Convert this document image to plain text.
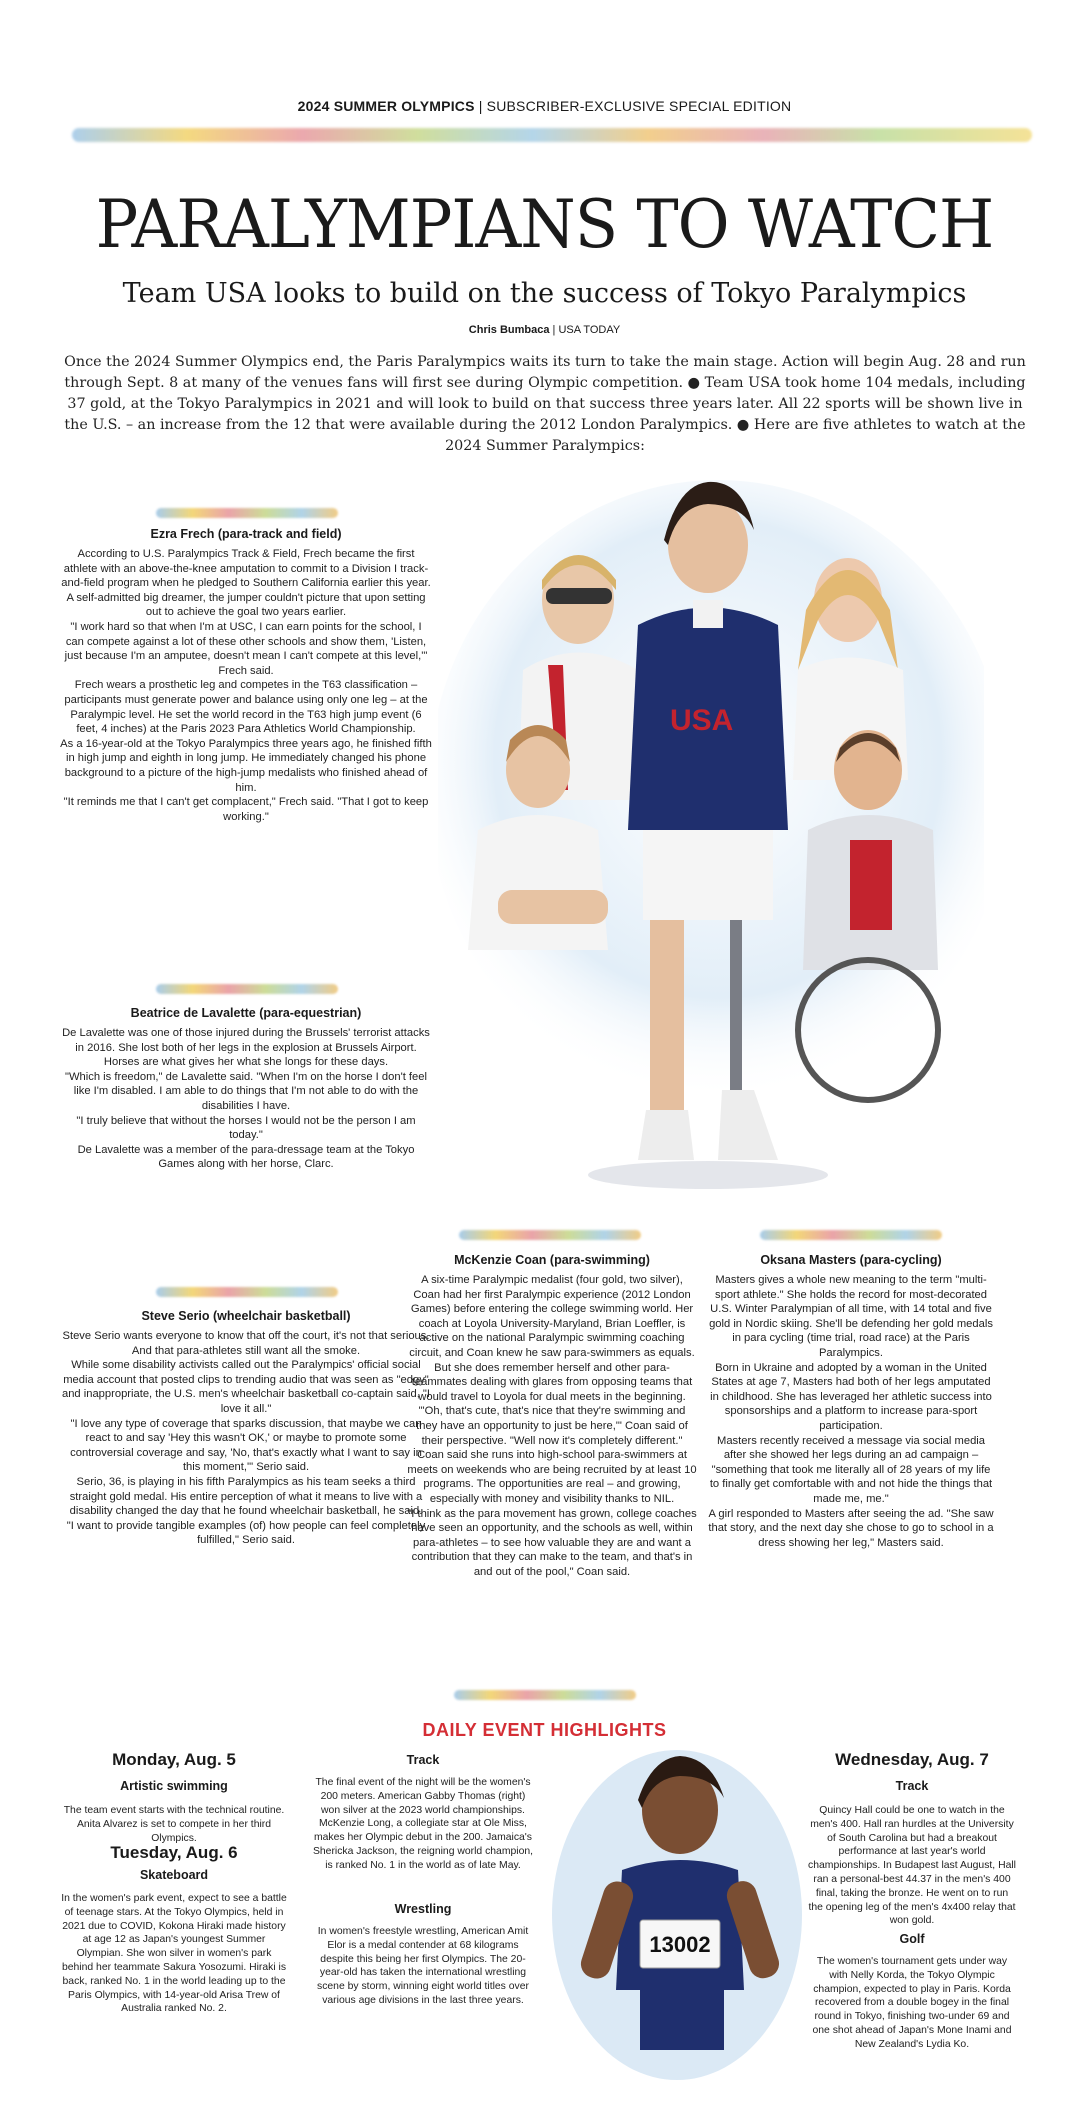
2024 SUMMER OLYMPICS | SUBSCRIBER-EXCLUSIVE SPECIAL EDITION
PARALYMPIANS TO WATCH
Team USA looks to build on the success of Tokyo Paralympics
Chris Bumbaca | USA TODAY
Once the 2024 Summer Olympics end, the Paris Paralympics waits its turn to take the main stage. Action will begin Aug. 28 and run through Sept. 8 at many of the venues fans will first see during Olympic competition. ● Team USA took home 104 medals, including 37 gold, at the Tokyo Paralympics in 2021 and will look to build on that success three years later. All 22 sports will be shown live in the U.S. – an increase from the 12 that were available during the 2012 London Paralympics. ● Here are five athletes to watch at the 2024 Summer Paralympics:
Ezra Frech (para-track and field)

According to U.S. Paralympics Track & Field, Frech became the first athlete with an above-the-knee amputation to commit to a Division I track-and-field program when he pledged to Southern California earlier this year. A self-admitted big dreamer, the jumper couldn't picture that upon setting out to achieve the goal two years earlier.

"I work hard so that when I'm at USC, I can earn points for the school, I can compete against a lot of these other schools and show them, 'Listen, just because I'm an amputee, doesn't mean I can't compete at this level,'" Frech said.

Frech wears a prosthetic leg and competes in the T63 classification – participants must generate power and balance using only one leg – at the Paralympic level. He set the world record in the T63 high jump event (6 feet, 4 inches) at the Paris 2023 Para Athletics World Championship.

As a 16-year-old at the Tokyo Paralympics three years ago, he finished fifth in high jump and eighth in long jump. He immediately changed his phone background to a picture of the high-jump medalists who finished ahead of him.

"It reminds me that I can't get complacent," Frech said. "That I got to keep working."

Beatrice de Lavalette (para-equestrian)

De Lavalette was one of those injured during the Brussels' terrorist attacks in 2016. She lost both of her legs in the explosion at Brussels Airport. Horses are what gives her what she longs for these days.

"Which is freedom," de Lavalette said. "When I'm on the horse I don't feel like I'm disabled. I am able to do things that I'm not able to do with the disabilities I have.

"I truly believe that without the horses I would not be the person I am today."

De Lavalette was a member of the para-dressage team at the Tokyo Games along with her horse, Clarc.

Steve Serio (wheelchair basketball)

Steve Serio wants everyone to know that off the court, it's not that serious. And that para-athletes still want all the smoke.

While some disability activists called out the Paralympics' official social media account that posted clips to trending audio that was seen as "edgy" and inappropriate, the U.S. men's wheelchair basketball co-captain said, "I love it all."

"I love any type of coverage that sparks discussion, that maybe we can react to and say 'Hey this wasn't OK,' or maybe to promote some controversial coverage and say, 'No, that's exactly what I want to say in this moment,'" Serio said.

Serio, 36, is playing in his fifth Paralympics as his team seeks a third straight gold medal. His entire perception of what it means to live with a disability changed the day that he found wheelchair basketball, he said.

"I want to provide tangible examples (of) how people can feel completely fulfilled," Serio said.

USA
McKenzie Coan (para-swimming)

A six-time Paralympic medalist (four gold, two silver), Coan had her first Paralympic experience (2012 London Games) before entering the college swimming world. Her coach at Loyola University-Maryland, Brian Loeffler, is active on the national Paralympic swimming coaching circuit, and Coan knew he saw para-swimmers as equals.

But she does remember herself and other para-teammates dealing with glares from opposing teams that would travel to Loyola for dual meets in the beginning. "'Oh, that's cute, that's nice that they're swimming and they have an opportunity to just be here,'" Coan said of their perspective. "Well now it's completely different."

Coan said she runs into high-school para-swimmers at meets on weekends who are being recruited by at least 10 programs. The opportunities are real – and growing, especially with money and visibility thanks to NIL.

"I think as the para movement has grown, college coaches have seen an opportunity, and the schools as well, within para-athletes – to see how valuable they are and want a contribution that they can make to the team, and that's in and out of the pool," Coan said.

Oksana Masters (para-cycling)

Masters gives a whole new meaning to the term "multi-sport athlete." She holds the record for most-decorated U.S. Winter Paralympian of all time, with 14 total and five gold in Nordic skiing. She'll be defending her gold medals in para cycling (time trial, road race) at the Paris Paralympics.

Born in Ukraine and adopted by a woman in the United States at age 7, Masters had both of her legs amputated in childhood. She has leveraged her athletic success into sponsorships and a platform to increase para-sport participation.

Masters recently received a message via social media after she showed her legs during an ad campaign – "something that took me literally all of 28 years of my life to finally get comfortable with and not hide the things that made me, me."

A girl responded to Masters after seeing the ad. "She saw that story, and the next day she chose to go to school in a dress showing her leg," Masters said.

DAILY EVENT HIGHLIGHTS
Monday, Aug. 5
Artistic swimming
The team event starts with the technical routine. Anita Alvarez is set to compete in her third Olympics.
Tuesday, Aug. 6
Skateboard
In the women's park event, expect to see a battle of teenage stars. At the Tokyo Olympics, held in 2021 due to COVID, Kokona Hiraki made history at age 12 as Japan's youngest Summer Olympian. She won silver in women's park behind her teammate Sakura Yosozumi. Hiraki is back, ranked No. 1 in the world leading up to the Paris Olympics, with 14-year-old Arisa Trew of Australia ranked No. 2.
Track
The final event of the night will be the women's 200 meters. American Gabby Thomas (right) won silver at the 2023 world championships. McKenzie Long, a collegiate star at Ole Miss, makes her Olympic debut in the 200. Jamaica's Shericka Jackson, the reigning world champion, is ranked No. 1 in the world as of late May.
Wrestling
In women's freestyle wrestling, American Amit Elor is a medal contender at 68 kilograms despite this being her first Olympics. The 20-year-old has taken the international wrestling scene by storm, winning eight world titles over various age divisions in the last three years.
13002
Wednesday, Aug. 7
Track
Quincy Hall could be one to watch in the men's 400. Hall ran hurdles at the University of South Carolina but had a breakout performance at last year's world championships. In Budapest last August, Hall ran a personal-best 44.37 in the men's 400 final, taking the bronze. He went on to run the opening leg of the men's 4x400 relay that won gold.
Golf
The women's tournament gets under way with Nelly Korda, the Tokyo Olympic champion, expected to play in Paris. Korda recovered from a double bogey in the final round in Tokyo, finishing two-under 69 and one shot ahead of Japan's Mone Inami and New Zealand's Lydia Ko.
